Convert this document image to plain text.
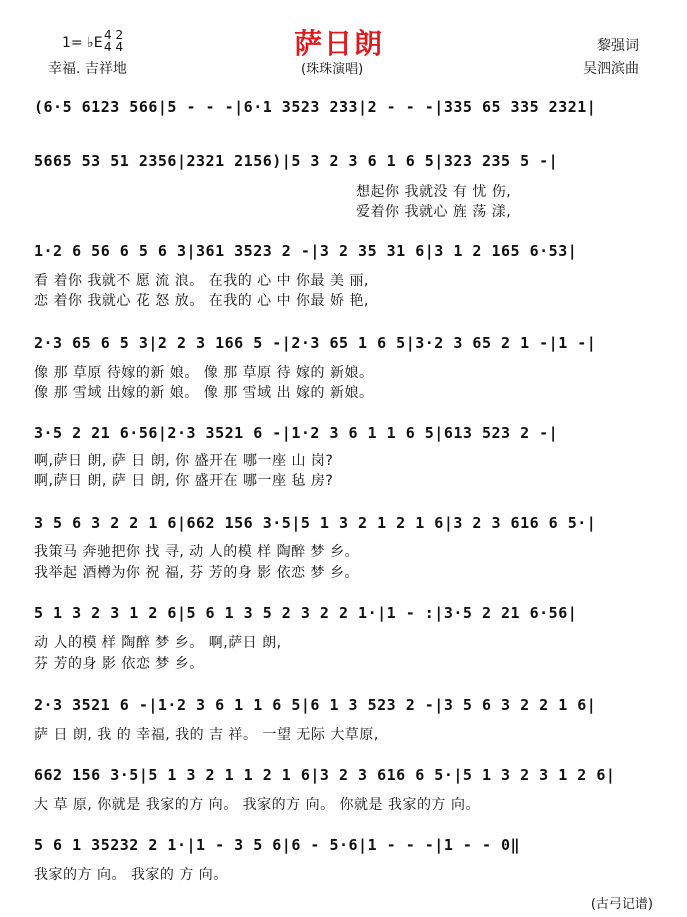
萨日朗
(珠珠演唱)
1= ♭E 4 2
4 4
幸福. 吉祥地
黎强词
吴泗滨曲
(6·5 6123 566|5 - - -|6·1 3523 233|2 - - -|335 65 335 2321|
5665 53 51 2356|2321 2156)|5 3 2 3 6 1 6 5|323 235 5 -|
想起你 我就没 有 忧 伤,
爱着你 我就心 旌 荡 漾,
1·2 6 56 6 5 6 3|361 3523 2 -|3 2 35 31 6|3 1 2 165 6·53|
看 着你 我就不 愿 流 浪。 在我的 心 中 你最 美 丽,
恋 着你 我就心 花 怒 放。 在我的 心 中 你最 娇 艳,
2·3 65 6 5 3|2 2 3 166 5 -|2·3 65 1 6 5|3·2 3 65 2 1 -|1 -|
像 那 草原 待嫁的新 娘。 像 那 草原 待 嫁的 新娘。
像 那 雪域 出嫁的新 娘。 像 那 雪域 出 嫁的 新娘。
3·5 2 21 6·56|2·3 3521 6 -|1·2 3 6 1 1 6 5|613 523 2 -|
啊,萨日 朗, 萨 日 朗, 你 盛开在 哪一座 山 岗?
啊,萨日 朗, 萨 日 朗, 你 盛开在 哪一座 毡 房?
3 5 6 3 2 2 1 6|662 156 3·5|5 1 3 2 1 2 1 6|3 2 3 616 6 5·|
我策马 奔驰把你 找 寻, 动 人的模 样 陶醉 梦 乡。
我举起 酒樽为你 祝 福, 芬 芳的身 影 依恋 梦 乡。
5 1 3 2 3 1 2 6|5 6 1 3 5 2 3 2 2 1·|1 - :|3·5 2 21 6·56|
动 人的模 样 陶醉 梦 乡。 啊,萨日 朗,
芬 芳的身 影 依恋 梦 乡。
2·3 3521 6 -|1·2 3 6 1 1 6 5|6 1 3 523 2 -|3 5 6 3 2 2 1 6|
萨 日 朗, 我 的 幸福, 我的 吉 祥。 一望 无际 大草原,
662 156 3·5|5 1 3 2 1 1 2 1 6|3 2 3 616 6 5·|5 1 3 2 3 1 2 6|
大 草 原, 你就是 我家的方 向。 我家的方 向。 你就是 我家的方 向。
5 6 1 35232 2 1·|1 - 3 5 6|6 - 5·6|1 - - -|1 - - 0‖
我家的方 向。 我家的 方 向。
(古弓记谱)
